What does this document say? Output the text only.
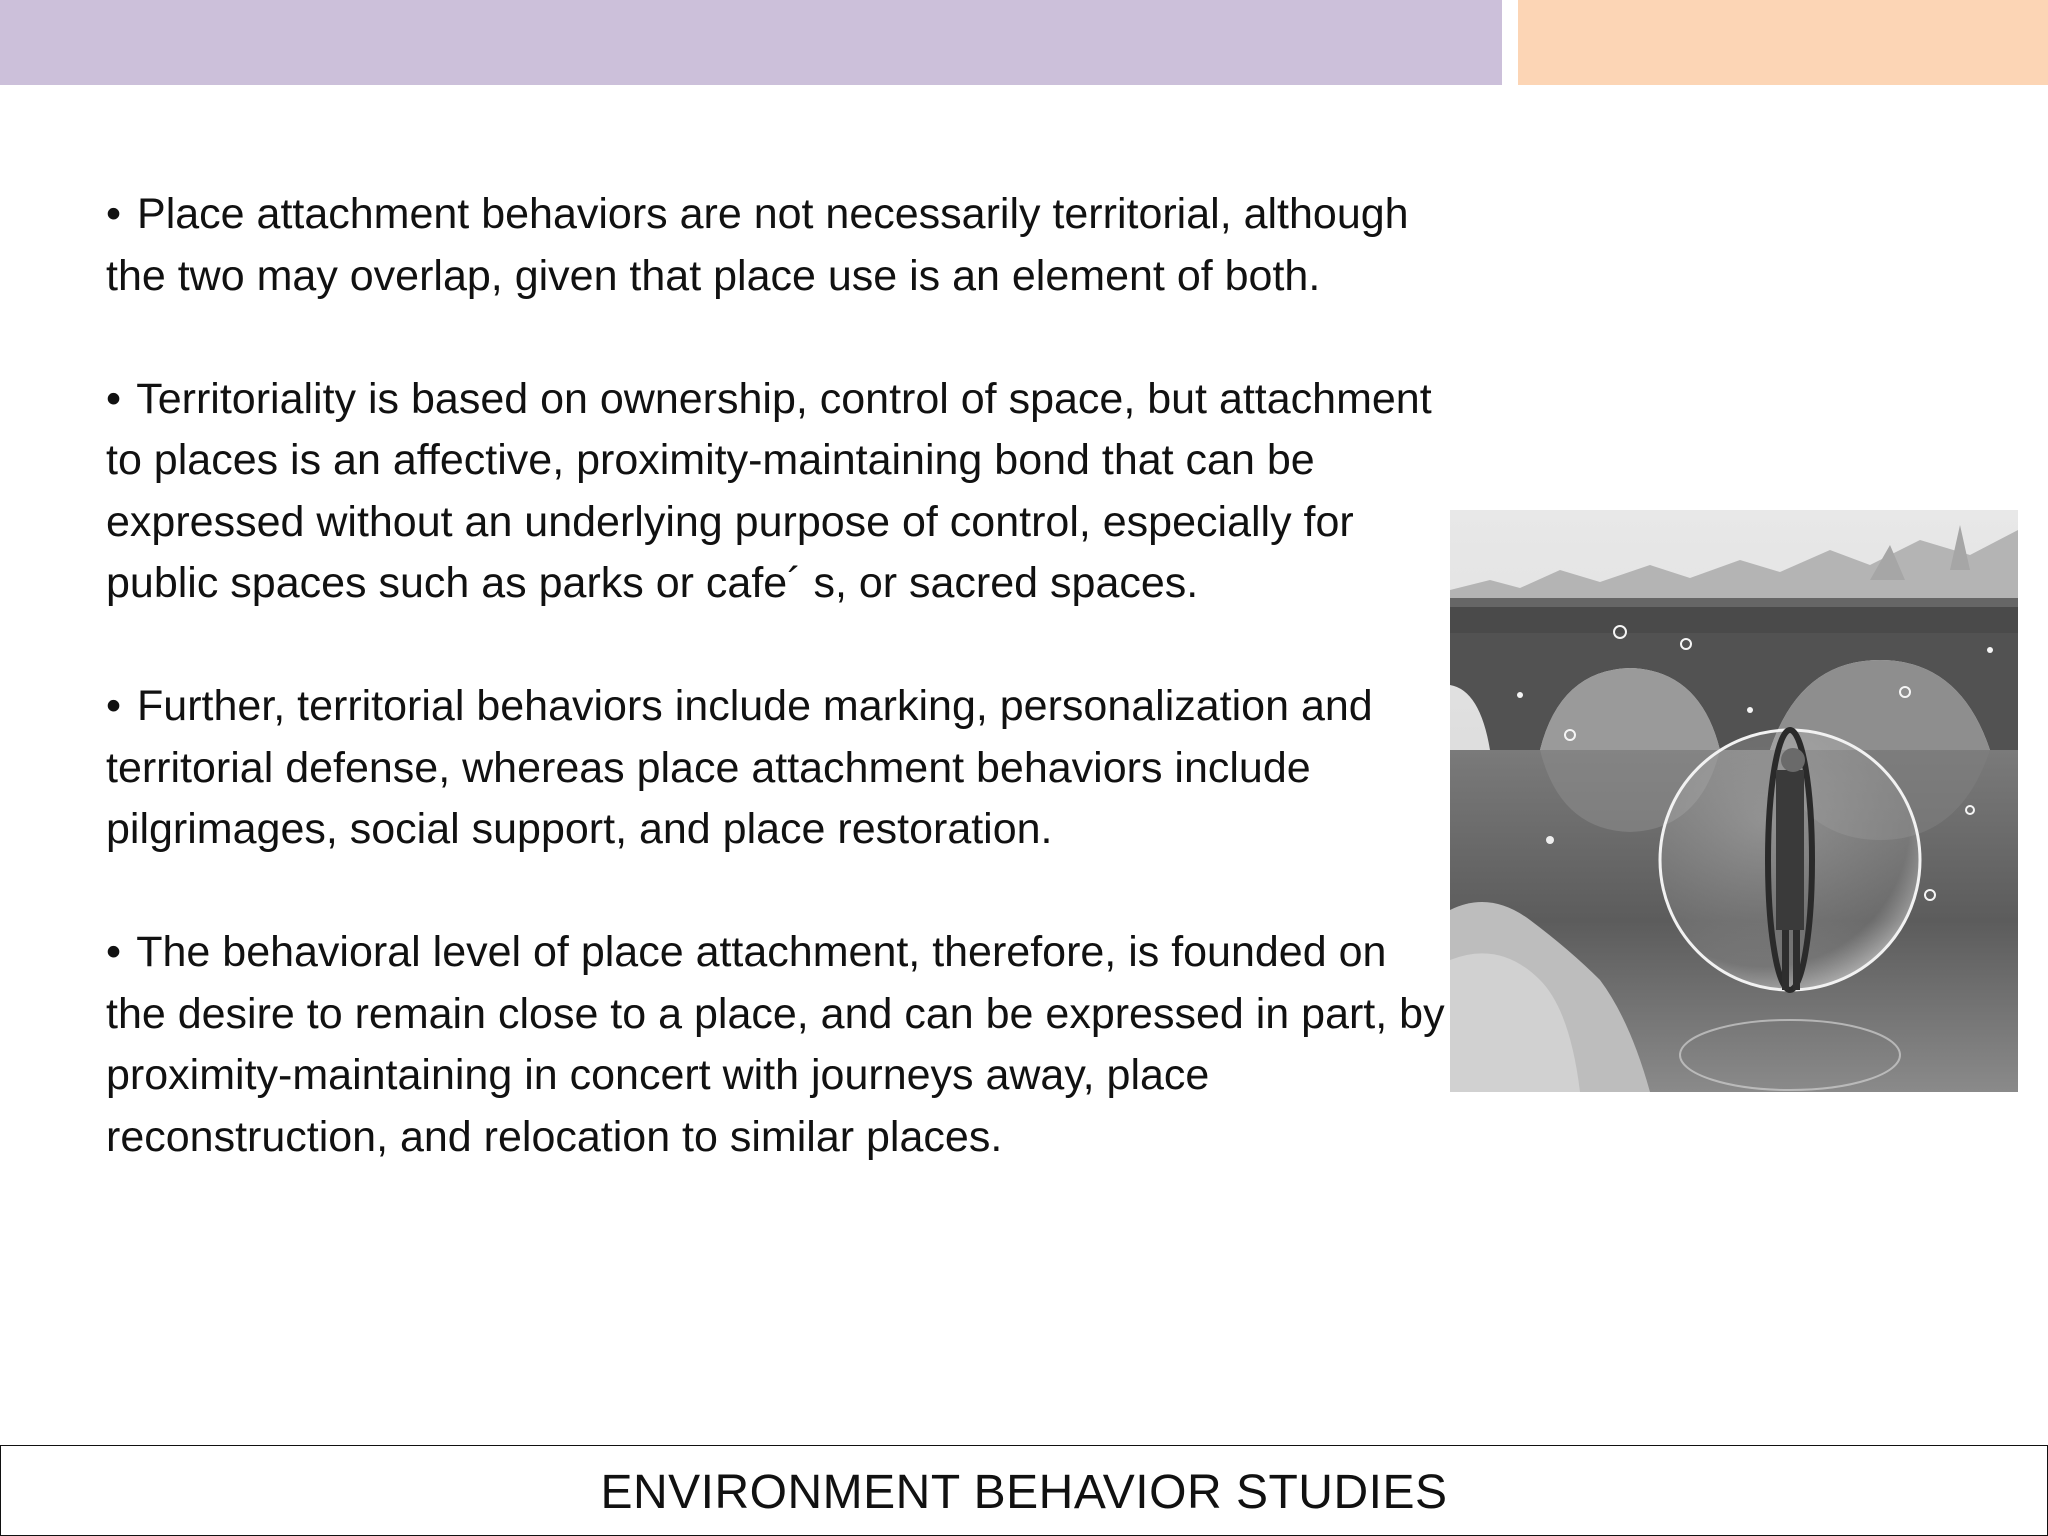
• Place attachment behaviors are not necessarily territorial, although the two may overlap, given that place use is an element of both.

• Territoriality is based on ownership, control of space, but attachment to places is an affective, proximity-maintaining bond that can be expressed without an underlying purpose of control, especially for public spaces such as parks or cafe´ s, or sacred spaces.

• Further, territorial behaviors include marking, personalization and territorial defense, whereas place attachment behaviors include pilgrimages, social support, and place restoration.

• The behavioral level of place attachment, therefore, is founded on the desire to remain close to a place, and can be expressed in part, by proximity-maintaining in concert with journeys away, place reconstruction, and relocation to similar places.

ENVIRONMENT BEHAVIOR STUDIES
